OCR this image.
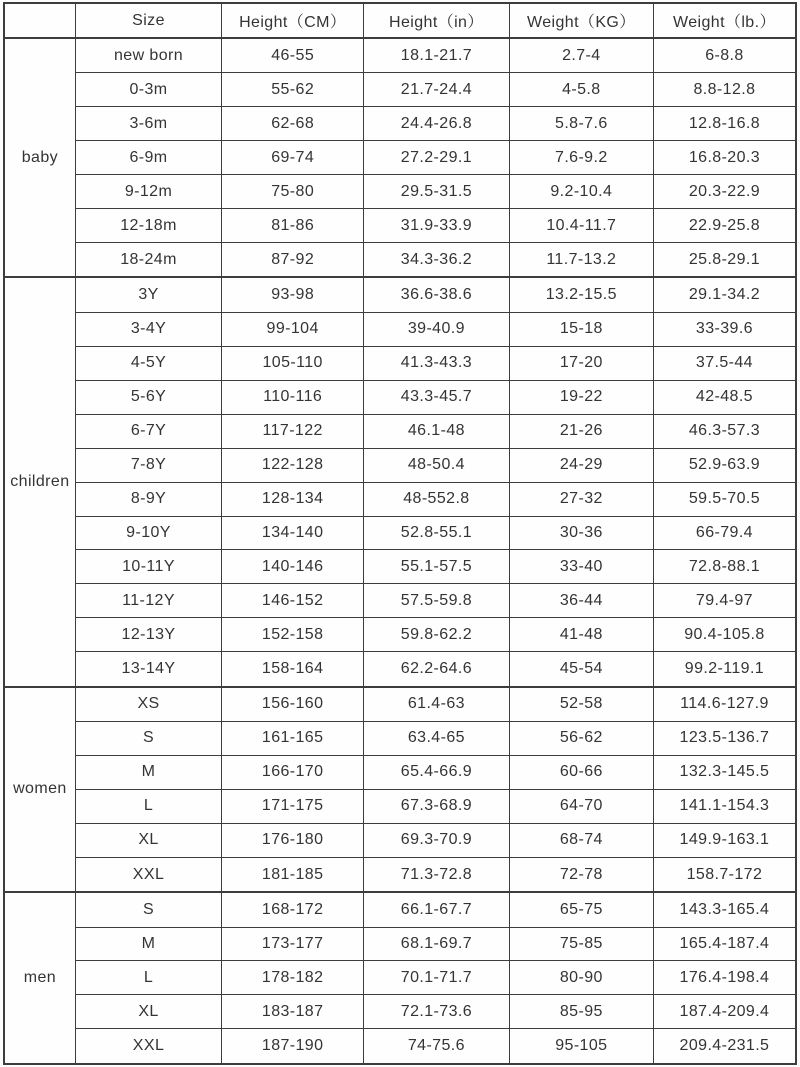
	Size	Height（CM）	Height（in）	Weight（KG）	Weight（lb.）
baby	new born	46-55	18.1-21.7	2.7-4	6-8.8
	0-3m	55-62	21.7-24.4	4-5.8	8.8-12.8
	3-6m	62-68	24.4-26.8	5.8-7.6	12.8-16.8
	6-9m	69-74	27.2-29.1	7.6-9.2	16.8-20.3
	9-12m	75-80	29.5-31.5	9.2-10.4	20.3-22.9
	12-18m	81-86	31.9-33.9	10.4-11.7	22.9-25.8
	18-24m	87-92	34.3-36.2	11.7-13.2	25.8-29.1
children	3Y	93-98	36.6-38.6	13.2-15.5	29.1-34.2
	3-4Y	99-104	39-40.9	15-18	33-39.6
	4-5Y	105-110	41.3-43.3	17-20	37.5-44
	5-6Y	110-116	43.3-45.7	19-22	42-48.5
	6-7Y	117-122	46.1-48	21-26	46.3-57.3
	7-8Y	122-128	48-50.4	24-29	52.9-63.9
	8-9Y	128-134	48-552.8	27-32	59.5-70.5
	9-10Y	134-140	52.8-55.1	30-36	66-79.4
	10-11Y	140-146	55.1-57.5	33-40	72.8-88.1
	11-12Y	146-152	57.5-59.8	36-44	79.4-97
	12-13Y	152-158	59.8-62.2	41-48	90.4-105.8
	13-14Y	158-164	62.2-64.6	45-54	99.2-119.1
women	XS	156-160	61.4-63	52-58	114.6-127.9
	S	161-165	63.4-65	56-62	123.5-136.7
	M	166-170	65.4-66.9	60-66	132.3-145.5
	L	171-175	67.3-68.9	64-70	141.1-154.3
	XL	176-180	69.3-70.9	68-74	149.9-163.1
	XXL	181-185	71.3-72.8	72-78	158.7-172
men	S	168-172	66.1-67.7	65-75	143.3-165.4
	M	173-177	68.1-69.7	75-85	165.4-187.4
	L	178-182	70.1-71.7	80-90	176.4-198.4
	XL	183-187	72.1-73.6	85-95	187.4-209.4
	XXL	187-190	74-75.6	95-105	209.4-231.5
